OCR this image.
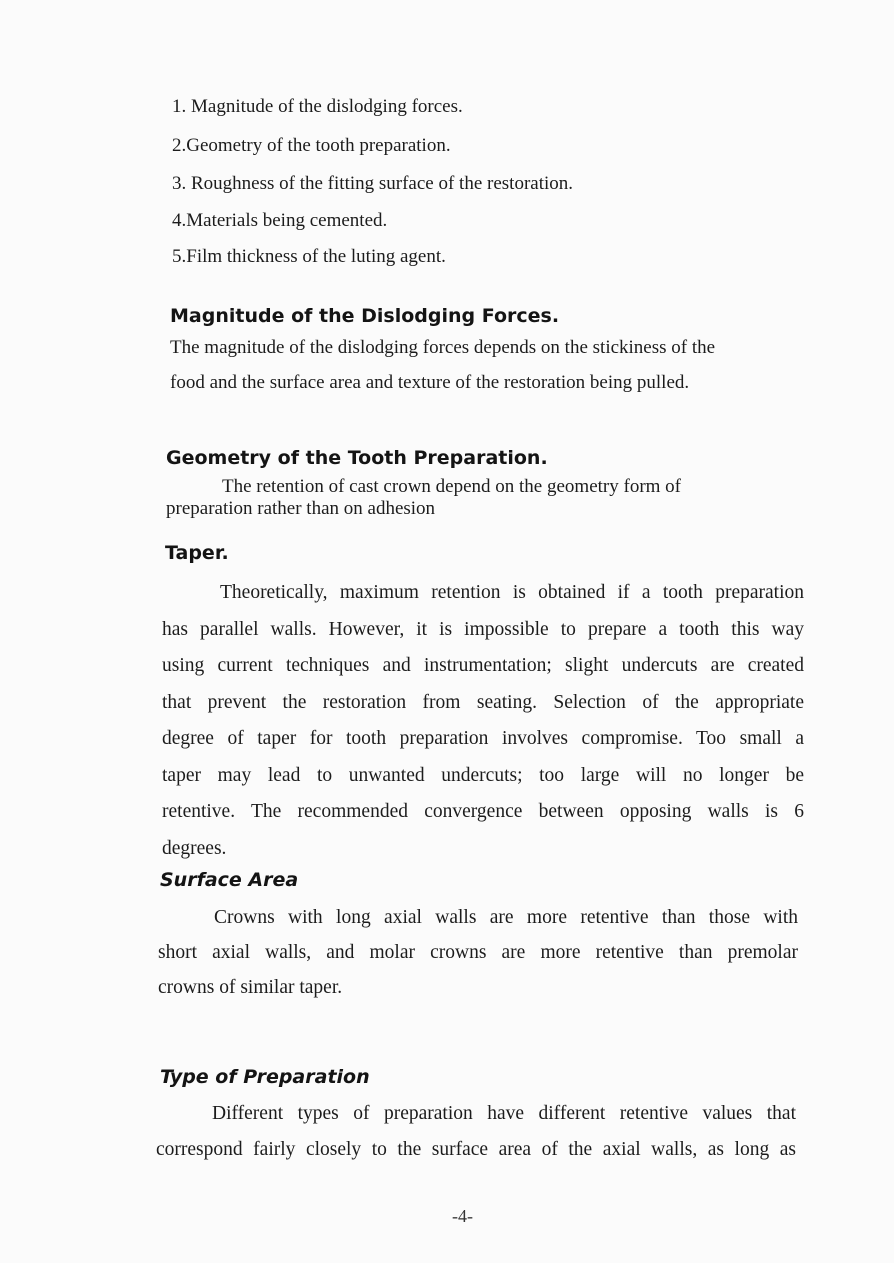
1. Magnitude of the dislodging forces.
2.Geometry of the tooth preparation.
3. Roughness of the fitting surface of the restoration.
4.Materials being cemented.
5.Film thickness of the luting agent.
Magnitude of the Dislodging Forces.
The magnitude of the dislodging forces depends on the stickiness of the
food and the surface area and texture of the restoration being pulled.
Geometry of the Tooth Preparation.
The retention of cast crown depend on the geometry form of
preparation rather than on adhesion
Taper.
Theoretically, maximum retention is obtained if a tooth preparation
has parallel walls. However, it is impossible to prepare a tooth this way
using current techniques and instrumentation; slight undercuts are created
that prevent the restoration from seating. Selection of the appropriate
degree of taper for tooth preparation involves compromise. Too small a
taper may lead to unwanted undercuts; too large will no longer be
retentive. The recommended convergence between opposing walls is 6
degrees.
Surface Area
Crowns with long axial walls are more retentive than those with
short axial walls, and molar crowns are more retentive than premolar
crowns of similar taper.
Type of Preparation
Different types of preparation have different retentive values that
correspond fairly closely to the surface area of the axial walls, as long as
-4-
